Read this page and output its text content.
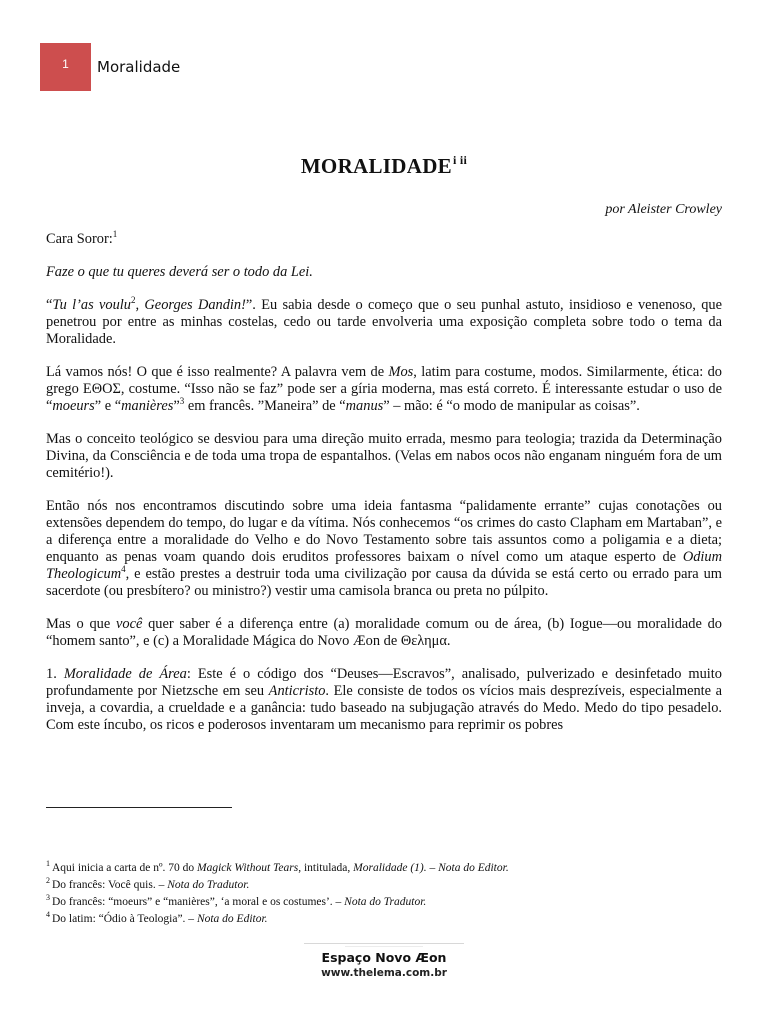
1	Moralidade
$MORALIDADE^{i ii}$
por Aleister Crowley

Cara Soror:$^1$

Faze o que tu queres deverá ser o todo da Lei.

“Tu l’as voulu$^2$, Georges Dandin!”. Eu sabia desde o começo que o seu punhal astuto, insidioso e venenoso, que penetrou por entre as minhas costelas, cedo ou tarde envolveria uma exposição completa sobre todo o tema da Moralidade.

Lá vamos nós! O que é isso realmente? A palavra vem de Mos, latim para costume, modos. Similarmente, ética: do grego ΕΘΟΣ, costume. “Isso não se faz” pode ser a gíria moderna, mas está correto. É interessante estudar o uso de “moeurs” e “manières”$^3$ em francês. ”Maneira” de “manus” – mão: é “o modo de manipular as coisas”.

Mas o conceito teológico se desviou para uma direção muito errada, mesmo para teologia; trazida da Determinação Divina, da Consciência e de toda uma tropa de espantalhos. (Velas em nabos ocos não enganam ninguém fora de um cemitério!).

Então nós nos encontramos discutindo sobre uma ideia fantasma “palidamente errante” cujas conotações ou extensões dependem do tempo, do lugar e da vítima. Nós conhecemos “os crimes do casto Clapham em Martaban”, e a diferença entre a moralidade do Velho e do Novo Testamento sobre tais assuntos como a poligamia e a dieta; enquanto as penas voam quando dois eruditos professores baixam o nível como um ataque esperto de Odium Theologicum$^4$, e estão prestes a destruir toda uma civilização por causa da dúvida se está certo ou errado para um sacerdote (ou presbítero? ou ministro?) vestir uma camisola branca ou preta no púlpito.

Mas o que você quer saber é a diferença entre (a) moralidade comum ou de área, (b) Iogue—ou moralidade do “homem santo”, e (c) a Moralidade Mágica do Novo Æon de Θελημα.

1. Moralidade de Área: Este é o código dos “Deuses—Escravos”, analisado, pulverizado e desinfetado muito profundamente por Nietzsche em seu Anticristo. Ele consiste de todos os vícios mais desprezíveis, especialmente a inveja, a covardia, a crueldade e a ganância: tudo baseado na subjugação através do Medo. Medo do tipo pesadelo. Com este íncubo, os ricos e poderosos inventaram um mecanismo para reprimir os pobres

$^1$ Aqui inicia a carta de nº. 70 do Magick Without Tears, intitulada, Moralidade (1). – Nota do Editor.
$^2$ Do francês: Você quis. – Nota do Tradutor.
$^3$ Do francês: “moeurs” e “manières”, ‘a moral e os costumes’. – Nota do Tradutor.
$^4$ Do latim: “Ódio à Teologia”. – Nota do Editor.
Espaço Novo Æon
www.thelema.com.br
